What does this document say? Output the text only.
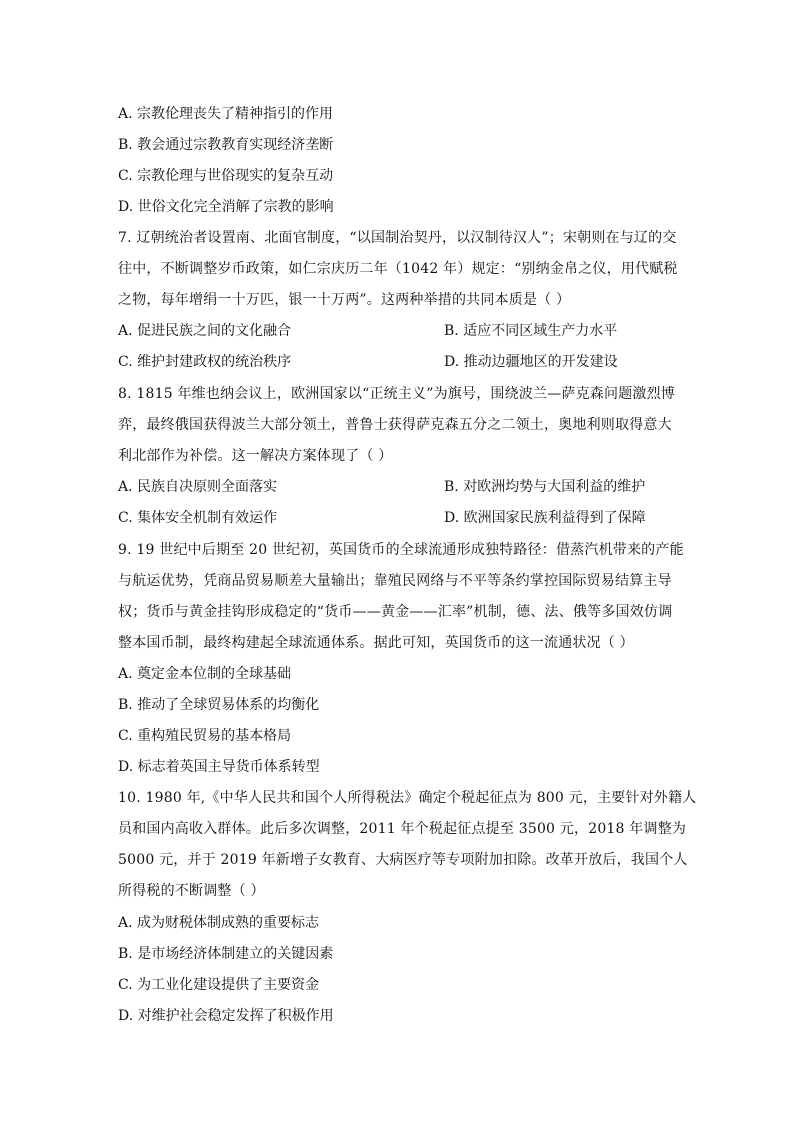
A. 宗教伦理丧失了精神指引的作用
B. 教会通过宗教教育实现经济垄断
C. 宗教伦理与世俗现实的复杂互动
D. 世俗文化完全消解了宗教的影响
7. 辽朝统治者设置南、北面官制度，“以国制治契丹，以汉制待汉人”；宋朝则在与辽的交
往中，不断调整岁币政策，如仁宗庆历二年（1042 年）规定：“别纳金帛之仪，用代赋税
之物，每年增绢一十万匹，银一十万两”。这两种举措的共同本质是（ ）
A. 促进民族之间的文化融合	B. 适应不同区域生产力水平
C. 维护封建政权的统治秩序	D. 推动边疆地区的开发建设
8. 1815 年维也纳会议上，欧洲国家以“正统主义”为旗号，围绕波兰—萨克森问题激烈博
弈，最终俄国获得波兰大部分领土，普鲁士获得萨克森五分之二领土，奥地利则取得意大
利北部作为补偿。这一解决方案体现了（ ）
A. 民族自决原则全面落实	B. 对欧洲均势与大国利益的维护
C. 集体安全机制有效运作	D. 欧洲国家民族利益得到了保障
9. 19 世纪中后期至 20 世纪初，英国货币的全球流通形成独特路径：借蒸汽机带来的产能
与航运优势，凭商品贸易顺差大量输出；靠殖民网络与不平等条约掌控国际贸易结算主导
权；货币与黄金挂钩形成稳定的“货币——黄金——汇率”机制，德、法、俄等多国效仿调
整本国币制，最终构建起全球流通体系。据此可知，英国货币的这一流通状况（ ）
A. 奠定金本位制的全球基础
B. 推动了全球贸易体系的均衡化
C. 重构殖民贸易的基本格局
D. 标志着英国主导货币体系转型
10. 1980 年,《中华人民共和国个人所得税法》确定个税起征点为 800 元，主要针对外籍人
员和国内高收入群体。此后多次调整，2011 年个税起征点提至 3500 元，2018 年调整为
5000 元，并于 2019 年新增子女教育、大病医疗等专项附加扣除。改革开放后，我国个人
所得税的不断调整（ ）
A. 成为财税体制成熟的重要标志
B. 是市场经济体制建立的关键因素
C. 为工业化建设提供了主要资金
D. 对维护社会稳定发挥了积极作用
